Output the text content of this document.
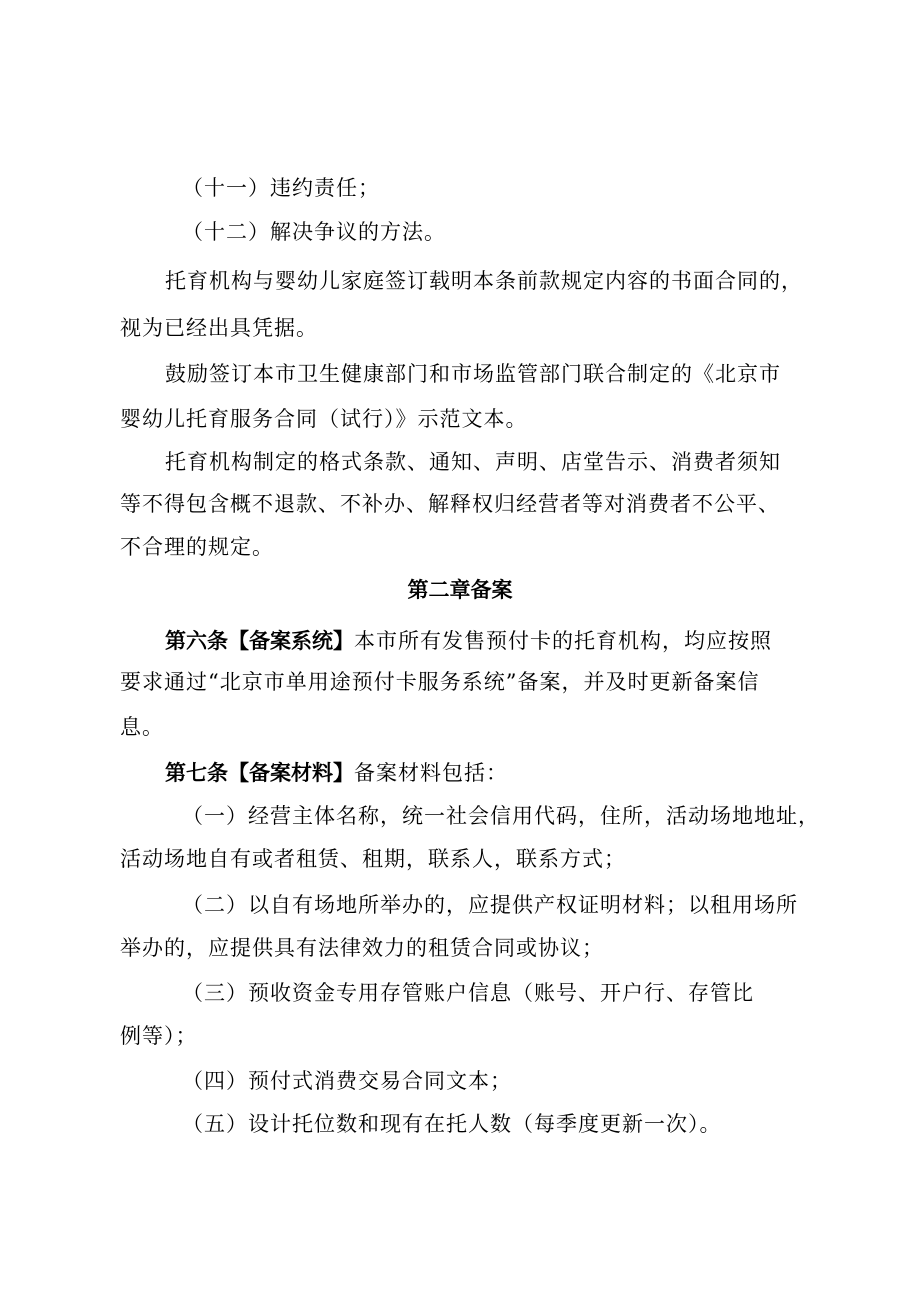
（十一）违约责任；
（十二）解决争议的方法。
托育机构与婴幼儿家庭签订载明本条前款规定内容的书面合同的，
视为已经出具凭据。
鼓励签订本市卫生健康部门和市场监管部门联合制定的《北京市
婴幼儿托育服务合同（试行）》示范文本。
托育机构制定的格式条款、通知、声明、店堂告示、消费者须知
等不得包含概不退款、不补办、解释权归经营者等对消费者不公平、
不合理的规定。
第二章备案
第六条【备案系统】本市所有发售预付卡的托育机构，均应按照
要求通过“北京市单用途预付卡服务系统”备案，并及时更新备案信
息。
第七条【备案材料】备案材料包括：
（一）经营主体名称，统一社会信用代码，住所，活动场地地址，
活动场地自有或者租赁、租期，联系人，联系方式；
（二）以自有场地所举办的，应提供产权证明材料；以租用场所
举办的，应提供具有法律效力的租赁合同或协议；
（三）预收资金专用存管账户信息（账号、开户行、存管比
例等）；
（四）预付式消费交易合同文本；
（五）设计托位数和现有在托人数（每季度更新一次）。
